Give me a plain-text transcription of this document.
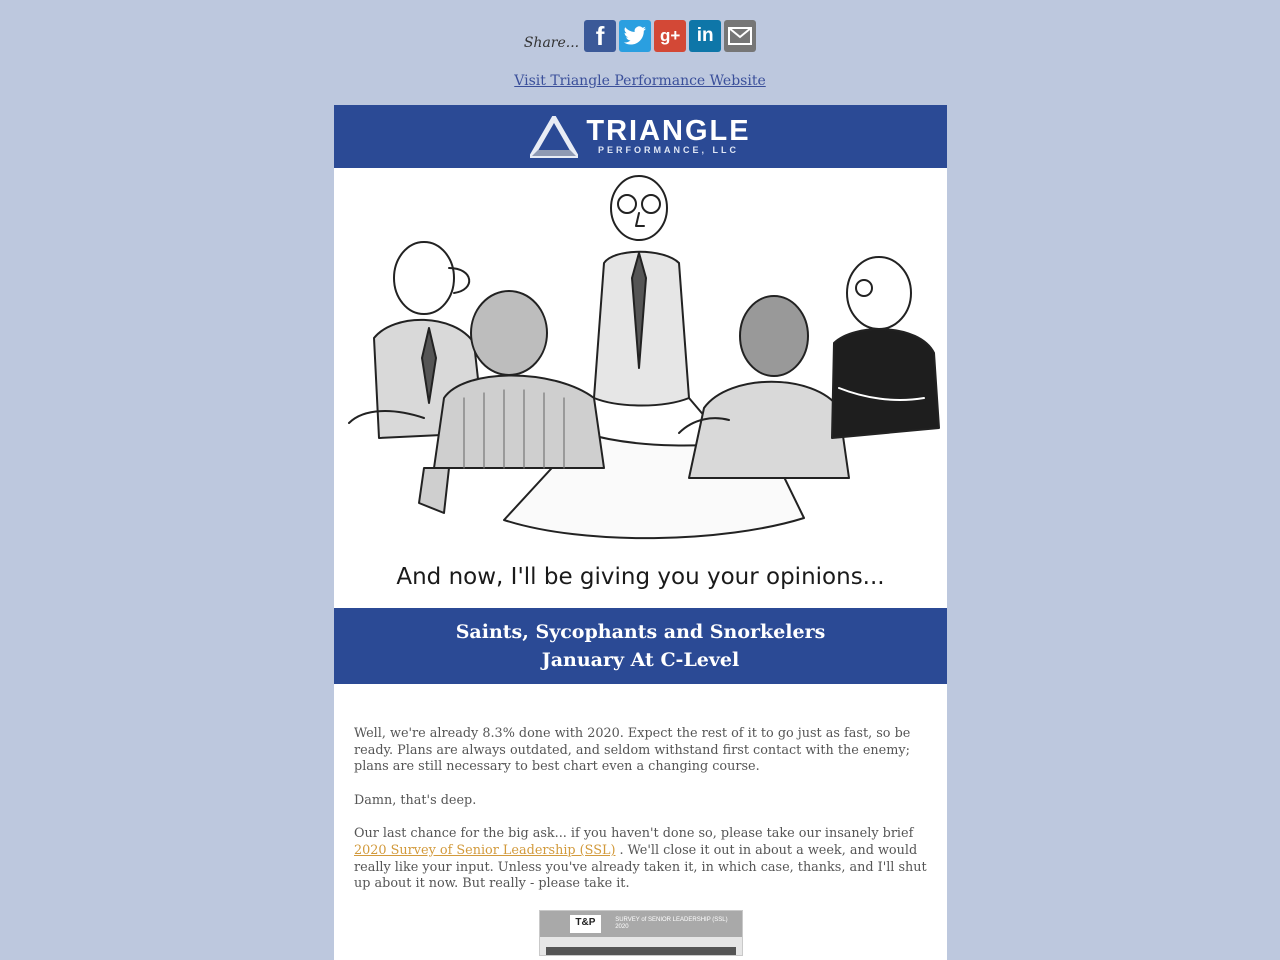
Share... f	g+ in
Visit Triangle Performance Website
TRIANGLE
PERFORMANCE, LLC
And now, I'll be giving you your opinions...
Saints, Sycophants and Snorkelers
January At C-Level

Well, we're already 8.3% done with 2020. Expect the rest of it to go just as fast, so be ready. Plans are always outdated, and seldom withstand first contact with the enemy; plans are still necessary to best chart even a changing course.

Damn, that's deep.

Our last chance for the big ask... if you haven't done so, please take our insanely brief 2020 Survey of Senior Leadership (SSL) . We'll close it out in about a week, and would really like your input. Unless you've already taken it, in which case, thanks, and I'll shut up about it now. But really - please take it.

T&P	SURVEY of SENIOR LEADERSHIP (SSL) 2020
